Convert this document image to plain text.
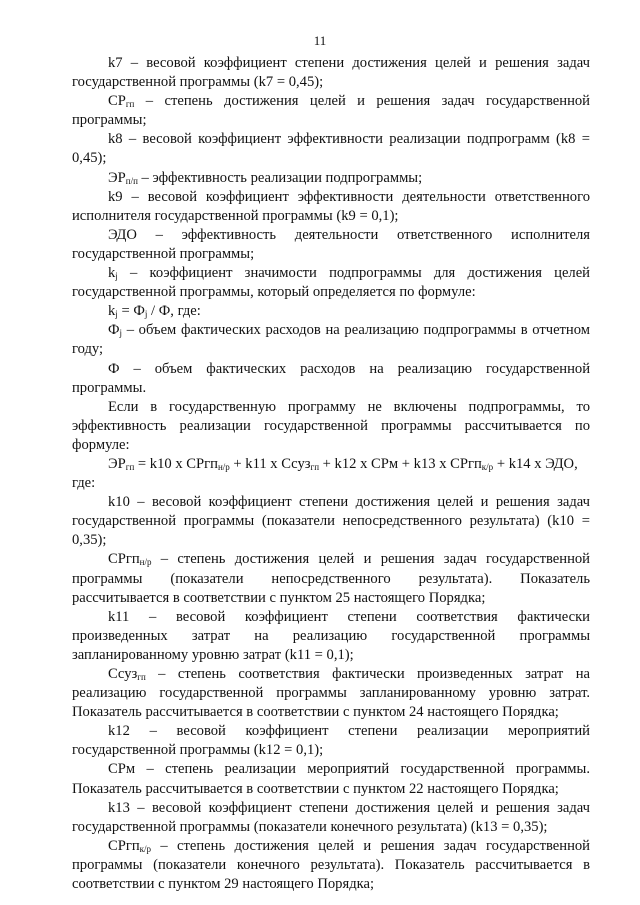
11

k7 – весовой коэффициент степени достижения целей и решения задач государственной программы (k7 = 0,45);

$СР_{гп}$ – степень достижения целей и решения задач государственной программы;

k8 – весовой коэффициент эффективности реализации подпрограмм (k8 = 0,45);

$ЭР_{п/п}$ – эффективность реализации подпрограммы;

k9 – весовой коэффициент эффективности деятельности ответственного исполнителя государственной программы (k9 = 0,1);

ЭДО – эффективность деятельности ответственного исполнителя государственной программы;

$k_j$ – коэффициент значимости подпрограммы для достижения целей государственной программы, который определяется по формуле:

$k_j = Ф_j / Ф$, где:

$Ф_j$ – объем фактических расходов на реализацию подпрограммы в отчетном году;

Ф – объем фактических расходов на реализацию государственной программы.

Если в государственную программу не включены подпрограммы, то эффективность реализации государственной программы рассчитывается по формуле:

$ЭР_{гп} = k10$ x СРгп$_{н/р}$ + k11 x Ссуз$_{гп}$ + k12 x СРм + k13 x СРгп$_{к/р}$ + k14 x ЭДО,

где:

k10 – весовой коэффициент степени достижения целей и решения задач государственной программы (показатели непосредственного результата) (k10 = 0,35);

СРгп$_{н/р}$ – степень достижения целей и решения задач государственной программы (показатели непосредственного результата). Показатель рассчитывается в соответствии с пунктом 25 настоящего Порядка;

k11 – весовой коэффициент степени соответствия фактически произведенных затрат на реализацию государственной программы запланированному уровню затрат (k11 = 0,1);

Ссуз$_{гп}$ – степень соответствия фактически произведенных затрат на реализацию государственной программы запланированному уровню затрат. Показатель рассчитывается в соответствии с пунктом 24 настоящего Порядка;

k12 – весовой коэффициент степени реализации мероприятий государственной программы (k12 = 0,1);

СРм – степень реализации мероприятий государственной программы. Показатель рассчитывается в соответствии с пунктом 22 настоящего Порядка;

k13 – весовой коэффициент степени достижения целей и решения задач государственной программы (показатели конечного результата) (k13 = 0,35);

СРгп$_{к/р}$ – степень достижения целей и решения задач государственной программы (показатели конечного результата). Показатель рассчитывается в соответствии с пунктом 29 настоящего Порядка;
